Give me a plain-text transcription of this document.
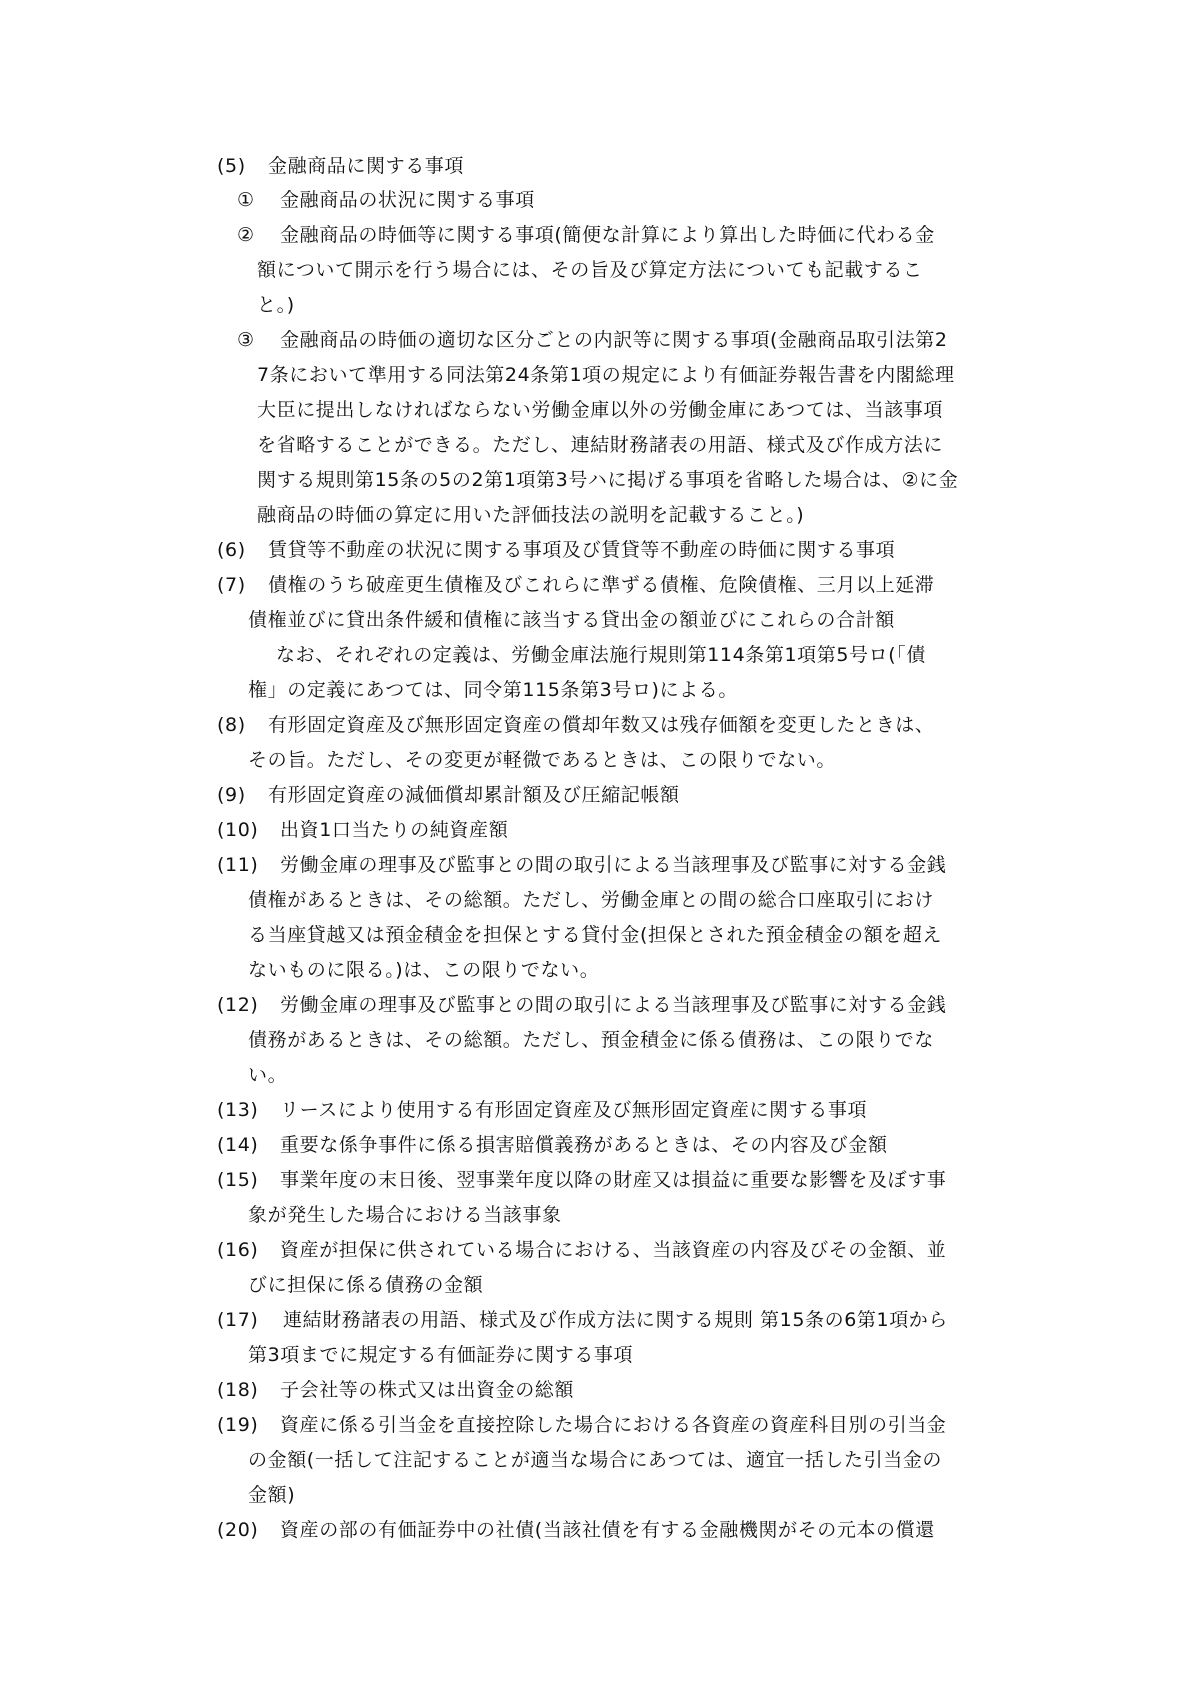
(5) 金融商品に関する事項
① 金融商品の状況に関する事項
② 金融商品の時価等に関する事項(簡便な計算により算出した時価に代わる金
額について開示を行う場合には、その旨及び算定方法についても記載するこ
と。)
③ 金融商品の時価の適切な区分ごとの内訳等に関する事項(金融商品取引法第2
7条において準用する同法第24条第1項の規定により有価証券報告書を内閣総理
大臣に提出しなければならない労働金庫以外の労働金庫にあつては、当該事項
を省略することができる。ただし、連結財務諸表の用語、様式及び作成方法に
関する規則第15条の5の2第1項第3号ハに掲げる事項を省略した場合は、②に金
融商品の時価の算定に用いた評価技法の説明を記載すること。)
(6) 賃貸等不動産の状況に関する事項及び賃貸等不動産の時価に関する事項
(7) 債権のうち破産更生債権及びこれらに準ずる債権、危険債権、三月以上延滞
債権並びに貸出条件緩和債権に該当する貸出金の額並びにこれらの合計額
なお、それぞれの定義は、労働金庫法施行規則第114条第1項第5号ロ(「債
権」の定義にあつては、同令第115条第3号ロ)による。
(8) 有形固定資産及び無形固定資産の償却年数又は残存価額を変更したときは、
その旨。ただし、その変更が軽微であるときは、この限りでない。
(9) 有形固定資産の減価償却累計額及び圧縮記帳額
(10) 出資1口当たりの純資産額
(11) 労働金庫の理事及び監事との間の取引による当該理事及び監事に対する金銭
債権があるときは、その総額。ただし、労働金庫との間の総合口座取引におけ
る当座貸越又は預金積金を担保とする貸付金(担保とされた預金積金の額を超え
ないものに限る。)は、この限りでない。
(12) 労働金庫の理事及び監事との間の取引による当該理事及び監事に対する金銭
債務があるときは、その総額。ただし、預金積金に係る債務は、この限りでな
い。
(13) リースにより使用する有形固定資産及び無形固定資産に関する事項
(14) 重要な係争事件に係る損害賠償義務があるときは、その内容及び金額
(15) 事業年度の末日後、翌事業年度以降の財産又は損益に重要な影響を及ぼす事
象が発生した場合における当該事象
(16) 資産が担保に供されている場合における、当該資産の内容及びその金額、並
びに担保に係る債務の金額
(17) 連結財務諸表の用語、様式及び作成方法に関する規則 第15条の6第1項から
第3項までに規定する有価証券に関する事項
(18) 子会社等の株式又は出資金の総額
(19) 資産に係る引当金を直接控除した場合における各資産の資産科目別の引当金
の金額(一括して注記することが適当な場合にあつては、適宜一括した引当金の
金額)
(20) 資産の部の有価証券中の社債(当該社債を有する金融機関がその元本の償還
